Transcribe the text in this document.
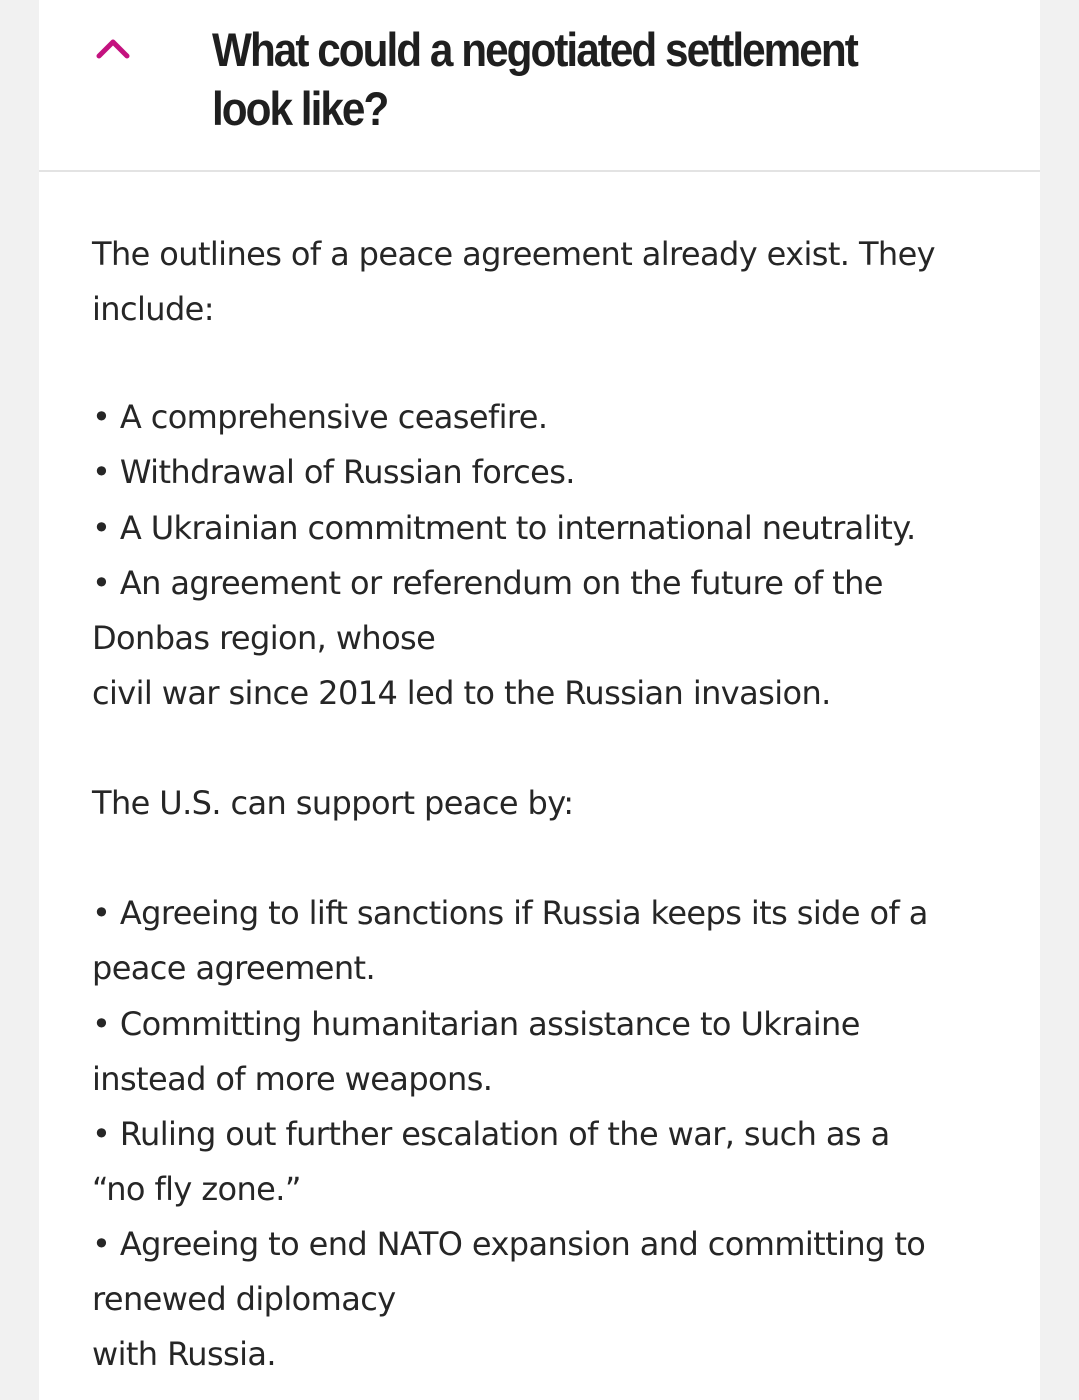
What could a negotiated settlement look like?

The outlines of a peace agreement already exist. They include:

• A comprehensive ceasefire.

• Withdrawal of Russian forces.

• A Ukrainian commitment to international neutrality.

• An agreement or referendum on the future of the Donbas region, whose
civil war since 2014 led to the Russian invasion.

The U.S. can support peace by:

• Agreeing to lift sanctions if Russia keeps its side of a peace agreement.

• Committing humanitarian assistance to Ukraine instead of more weapons.

• Ruling out further escalation of the war, such as a “no fly zone.”

• Agreeing to end NATO expansion and committing to renewed diplomacy
with Russia.
